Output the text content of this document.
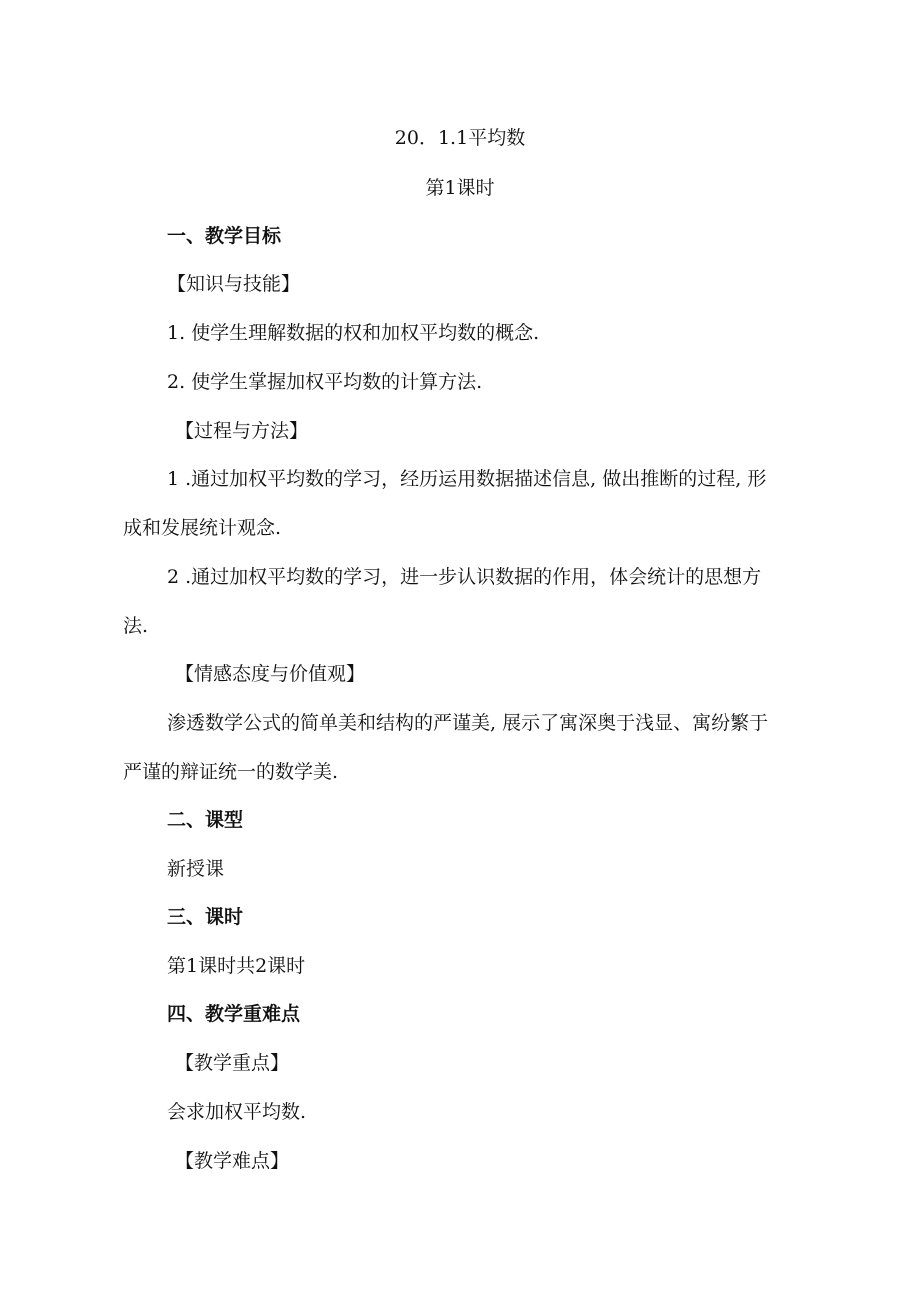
20．1.1平均数
第1课时
一、教学目标
【知识与技能】
1. 使学生理解数据的权和加权平均数的概念.
2. 使学生掌握加权平均数的计算方法.
【过程与方法】
1 .通过加权平均数的学习，经历运用数据描述信息, 做出推断的过程, 形
成和发展统计观念.
2 .通过加权平均数的学习，进一步认识数据的作用，体会统计的思想方
法.
【情感态度与价值观】
渗透数学公式的简单美和结构的严谨美, 展示了寓深奥于浅显、寓纷繁于
严谨的辩证统一的数学美.
二、课型
新授课
三、课时
第1课时共2课时
四、教学重难点
【教学重点】
会求加权平均数.
【教学难点】
